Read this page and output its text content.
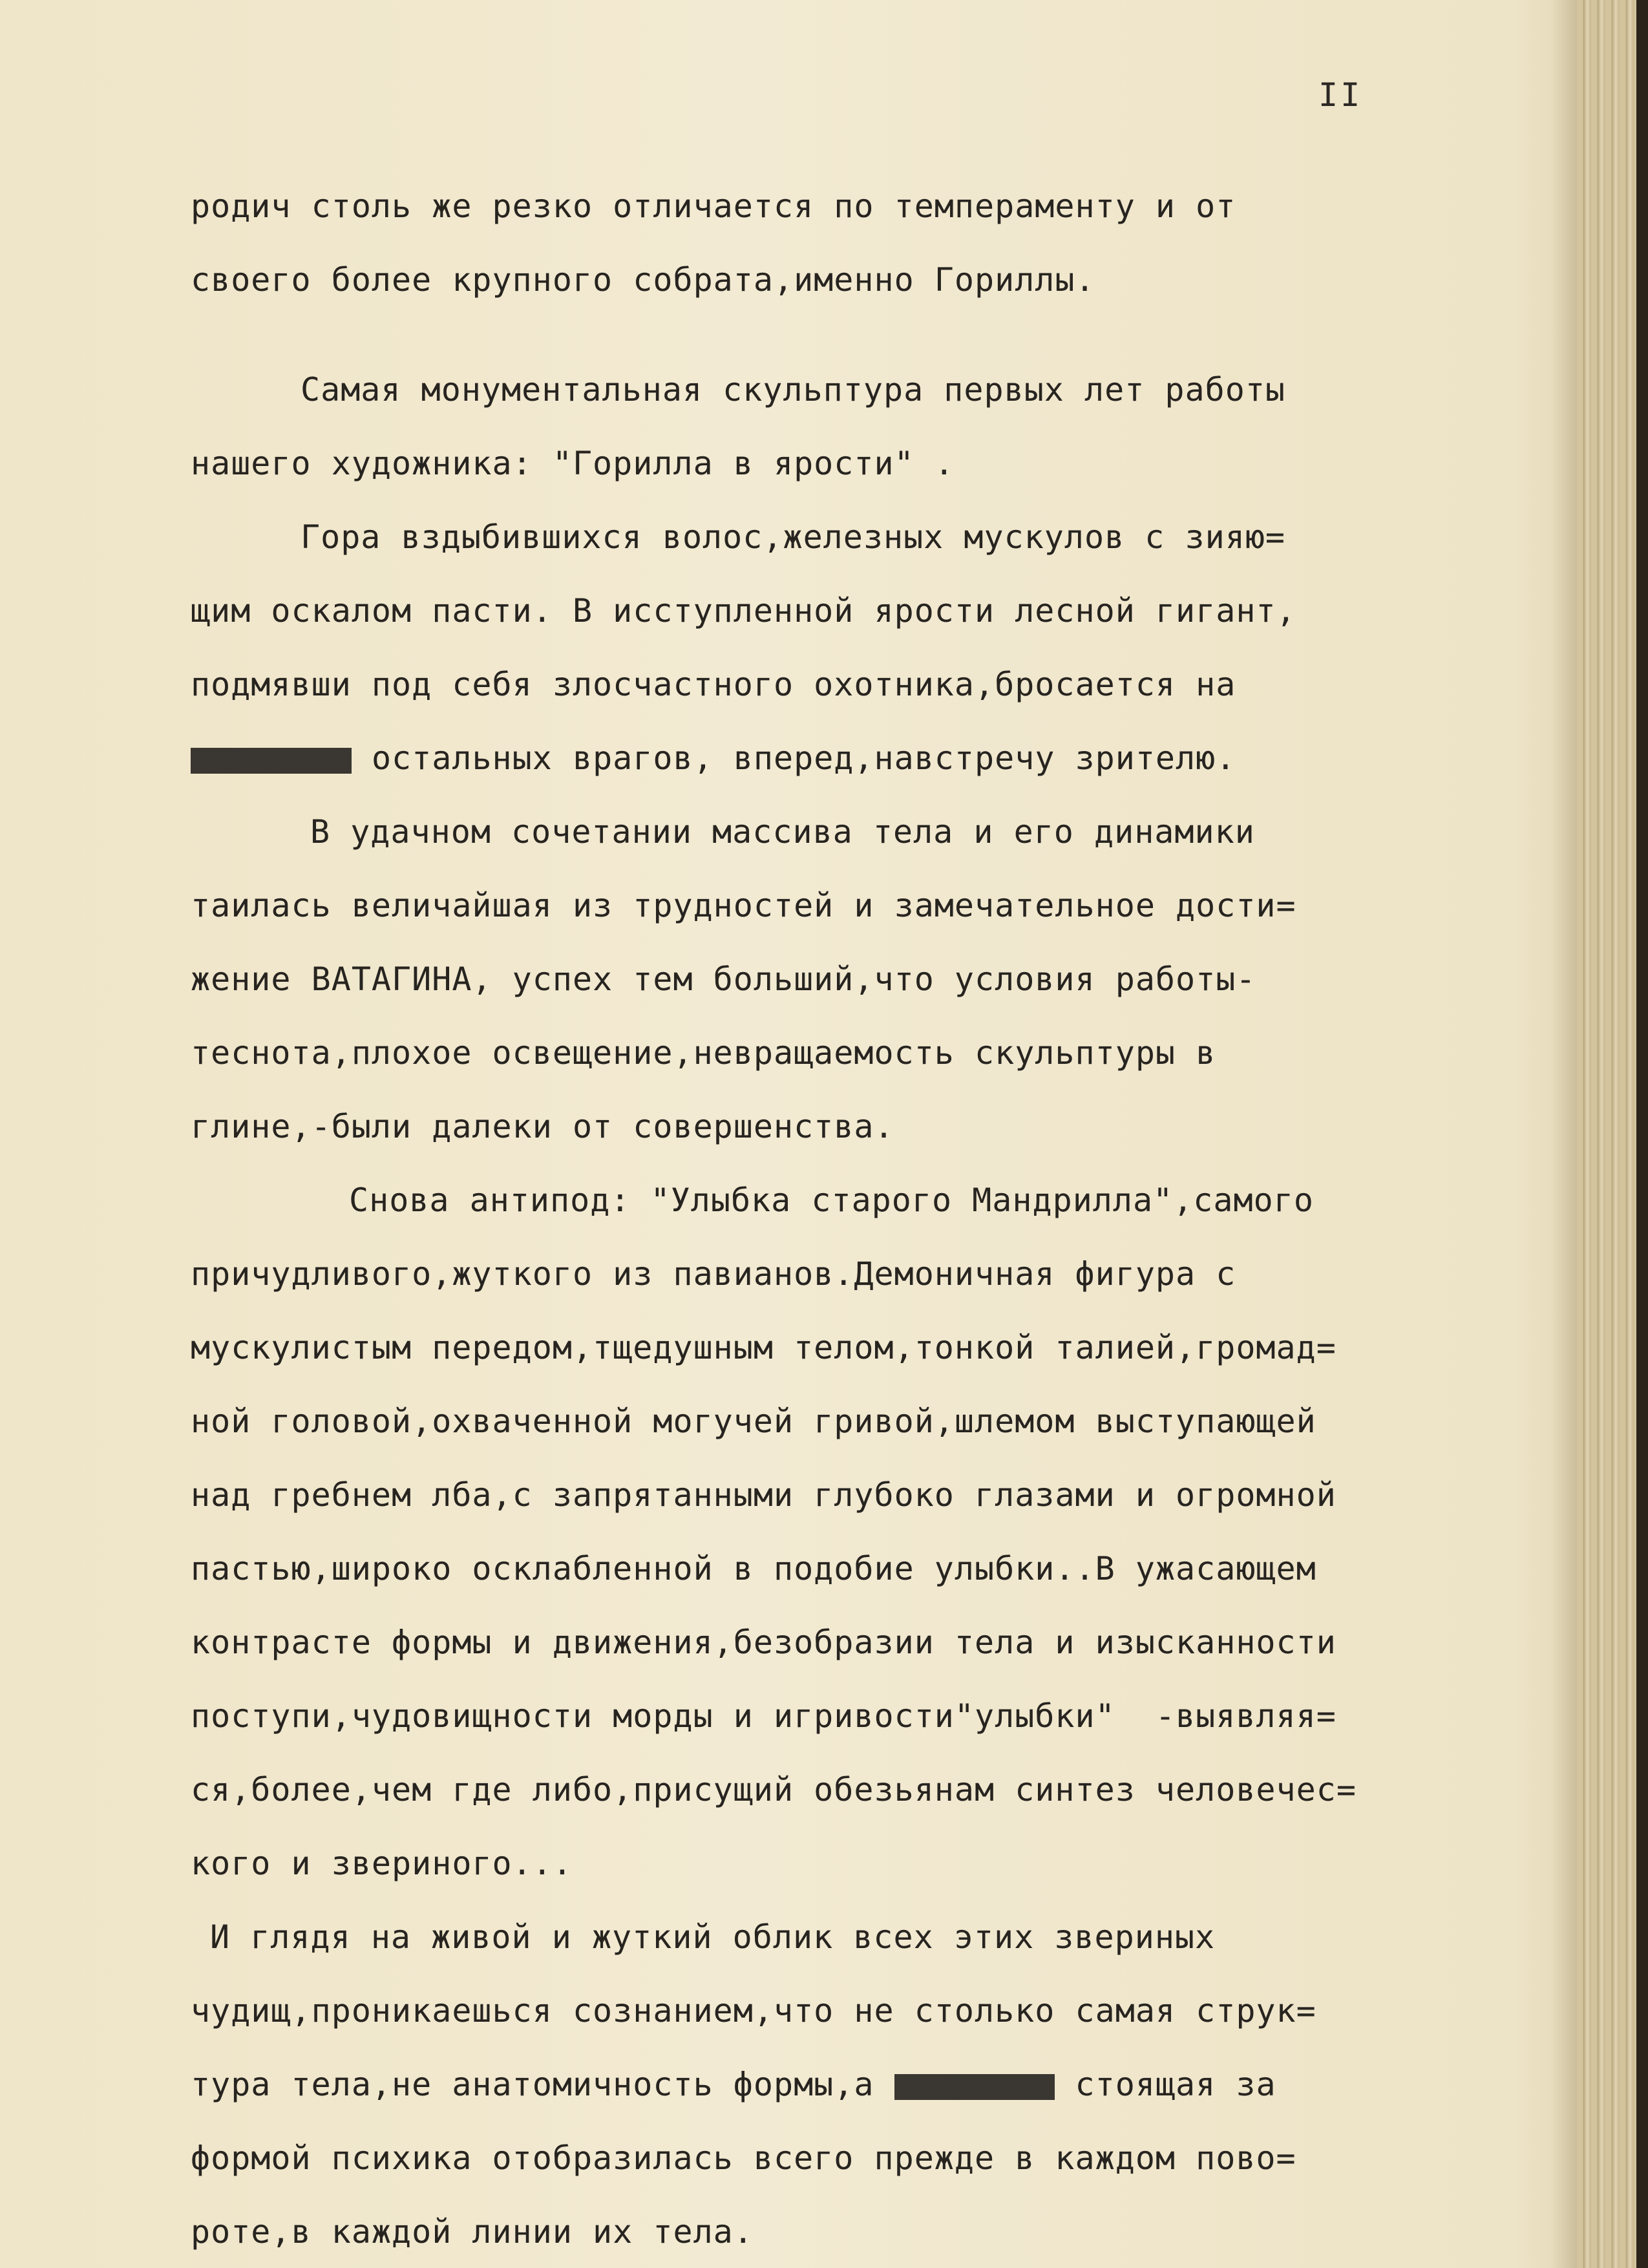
II

родич столь же резко отличается по темпераменту и от
своего более крупного собрата,именно Гориллы.
Самая монументальная скульптура первых лет работы
нашего художника: "Горилла в ярости" .
Гора вздыбившихся волос,железных мускулов с зияю=
щим оскалом пасти. В исступленной ярости лесной гигант,
подмявши под себя злосчастного охотника,бросается на
XXXXXXXX остальных врагов, вперед,навстречу зрителю.
В удачном сочетании массива тела и его динамики
таилась величайшая из трудностей и замечательное дости=
жение ВАТАГИНА, успех тем больший,что условия работы-
теснота,плохое освещение,невращаемость скульптуры в
глине,-были далеки от совершенства.
Снова антипод: "Улыбка старого Мандрилла",самого
причудливого,жуткого из павианов.Демоничная фигура с
мускулистым передом,тщедушным телом,тонкой талией,громад=
ной головой,охваченной могучей гривой,шлемом выступающей
над гребнем лба,с запрятанными глубоко глазами и огромной
пастью,широко осклабленной в подобие улыбки..В ужасающем
контрасте формы и движения,безобразии тела и изысканности
поступи,чудовищности морды и игривости"улыбки"  -выявляя=
ся,более,чем где либо,присущий обезьянам синтез человечес=
кого и звериного...
И глядя на живой и жуткий облик всех этих звериных
чудищ,проникаешься сознанием,что не столько самая струк=
тура тела,не анатомичность формы,а XXXXXXXX стоящая за
формой психика отобразилась всего прежде в каждом пово=
роте,в каждой линии их тела.
